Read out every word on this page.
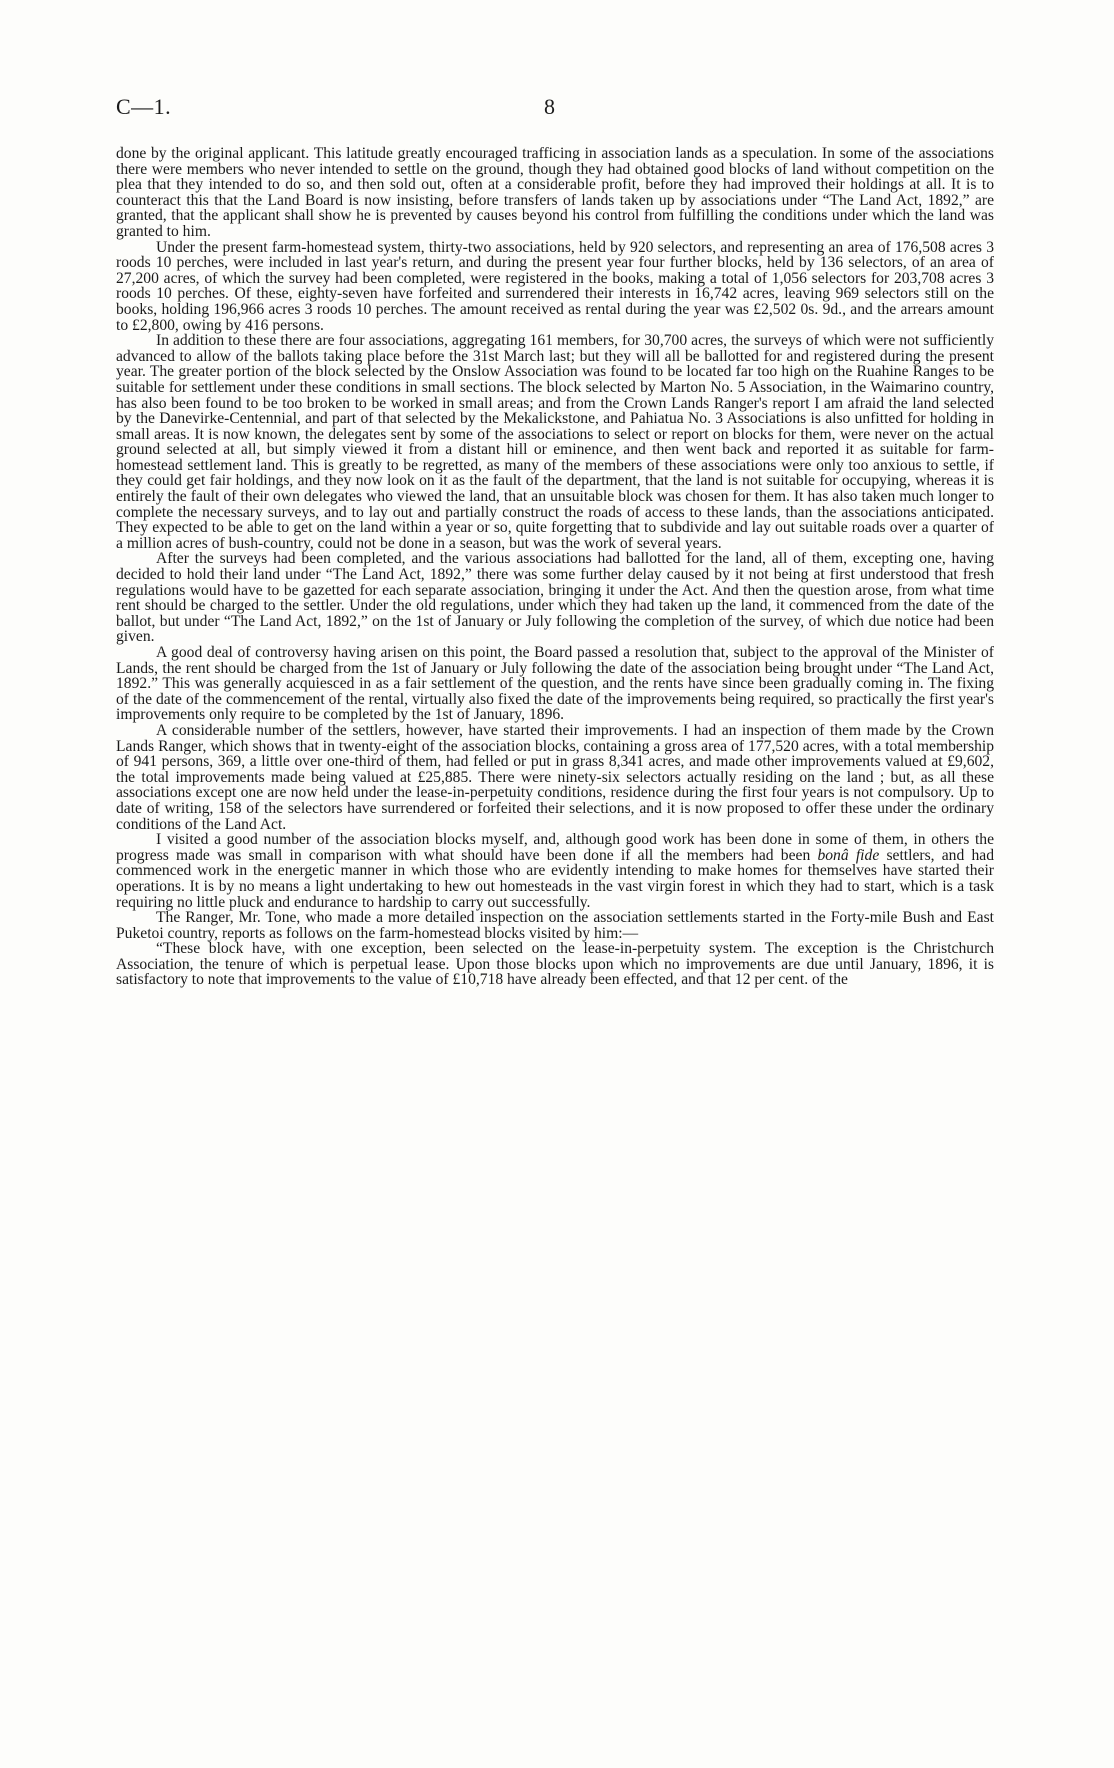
C—1.	8

done by the original applicant. This latitude greatly encouraged trafficing in association lands as a speculation. In some of the associations there were members who never intended to settle on the ground, though they had obtained good blocks of land without competition on the plea that they intended to do so, and then sold out, often at a considerable profit, before they had improved their holdings at all. It is to counteract this that the Land Board is now insisting, before transfers of lands taken up by associations under “The Land Act, 1892,” are granted, that the applicant shall show he is prevented by causes beyond his control from fulfilling the conditions under which the land was granted to him.

Under the present farm-homestead system, thirty-two associations, held by 920 selectors, and representing an area of 176,508 acres 3 roods 10 perches, were included in last year's return, and during the present year four further blocks, held by 136 selectors, of an area of 27,200 acres, of which the survey had been completed, were registered in the books, making a total of 1,056 selectors for 203,708 acres 3 roods 10 perches. Of these, eighty-seven have forfeited and surrendered their interests in 16,742 acres, leaving 969 selectors still on the books, holding 196,966 acres 3 roods 10 perches. The amount received as rental during the year was £2,502 0s. 9d., and the arrears amount to £2,800, owing by 416 persons.

In addition to these there are four associations, aggregating 161 members, for 30,700 acres, the surveys of which were not sufficiently advanced to allow of the ballots taking place before the 31st March last; but they will all be ballotted for and registered during the present year. The greater portion of the block selected by the Onslow Association was found to be located far too high on the Ruahine Ranges to be suitable for settlement under these conditions in small sections. The block selected by Marton No. 5 Association, in the Waimarino country, has also been found to be too broken to be worked in small areas; and from the Crown Lands Ranger's report I am afraid the land selected by the Danevirke-Centennial, and part of that selected by the Mekalickstone, and Pahiatua No. 3 Associations is also unfitted for holding in small areas. It is now known, the delegates sent by some of the associations to select or report on blocks for them, were never on the actual ground selected at all, but simply viewed it from a distant hill or eminence, and then went back and reported it as suitable for farm-homestead settlement land. This is greatly to be regretted, as many of the members of these associations were only too anxious to settle, if they could get fair holdings, and they now look on it as the fault of the department, that the land is not suitable for occupying, whereas it is entirely the fault of their own delegates who viewed the land, that an unsuitable block was chosen for them. It has also taken much longer to complete the necessary surveys, and to lay out and partially construct the roads of access to these lands, than the associations anticipated. They expected to be able to get on the land within a year or so, quite forgetting that to subdivide and lay out suitable roads over a quarter of a million acres of bush-country, could not be done in a season, but was the work of several years.

After the surveys had been completed, and the various associations had ballotted for the land, all of them, excepting one, having decided to hold their land under “The Land Act, 1892,” there was some further delay caused by it not being at first understood that fresh regulations would have to be gazetted for each separate association, bringing it under the Act. And then the question arose, from what time rent should be charged to the settler. Under the old regulations, under which they had taken up the land, it commenced from the date of the ballot, but under “The Land Act, 1892,” on the 1st of January or July following the completion of the survey, of which due notice had been given.

A good deal of controversy having arisen on this point, the Board passed a resolution that, subject to the approval of the Minister of Lands, the rent should be charged from the 1st of January or July following the date of the association being brought under “The Land Act, 1892.” This was generally acquiesced in as a fair settlement of the question, and the rents have since been gradually coming in. The fixing of the date of the commencement of the rental, virtually also fixed the date of the improvements being required, so practically the first year's improvements only require to be completed by the 1st of January, 1896.

A considerable number of the settlers, however, have started their improvements. I had an inspection of them made by the Crown Lands Ranger, which shows that in twenty-eight of the association blocks, containing a gross area of 177,520 acres, with a total membership of 941 persons, 369, a little over one-third of them, had felled or put in grass 8,341 acres, and made other improvements valued at £9,602, the total improvements made being valued at £25,885. There were ninety-six selectors actually residing on the land ; but, as all these associations except one are now held under the lease-in-perpetuity conditions, residence during the first four years is not compulsory. Up to date of writing, 158 of the selectors have surrendered or forfeited their selections, and it is now proposed to offer these under the ordinary conditions of the Land Act.

I visited a good number of the association blocks myself, and, although good work has been done in some of them, in others the progress made was small in comparison with what should have been done if all the members had been bonâ fide settlers, and had commenced work in the energetic manner in which those who are evidently intending to make homes for themselves have started their operations. It is by no means a light undertaking to hew out homesteads in the vast virgin forest in which they had to start, which is a task requiring no little pluck and endurance to hardship to carry out successfully.

The Ranger, Mr. Tone, who made a more detailed inspection on the association settlements started in the Forty-mile Bush and East Puketoi country, reports as follows on the farm-homestead blocks visited by him:—

“These block have, with one exception, been selected on the lease-in-perpetuity system. The exception is the Christchurch Association, the tenure of which is perpetual lease. Upon those blocks upon which no improvements are due until January, 1896, it is satisfactory to note that improvements to the value of £10,718 have already been effected, and that 12 per cent. of the
